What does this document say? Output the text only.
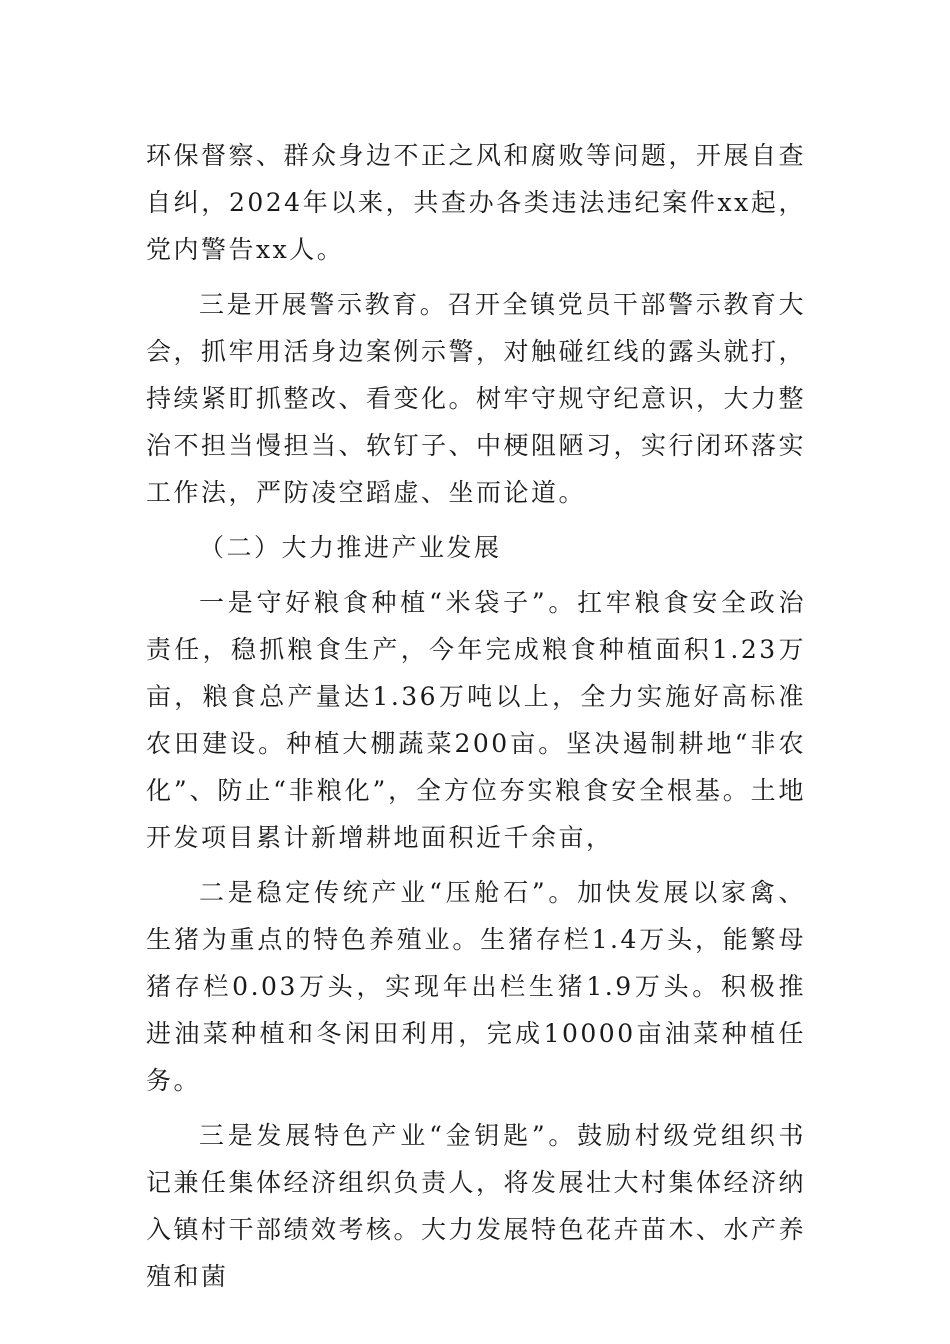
环保督察、群众身边不正之风和腐败等问题，开展自查自纠，2024年以来，共查办各类违法违纪案件xx起，党内警告xx人。

三是开展警示教育。召开全镇党员干部警示教育大会，抓牢用活身边案例示警，对触碰红线的露头就打，持续紧盯抓整改、看变化。树牢守规守纪意识，大力整治不担当慢担当、软钉子、中梗阻陋习，实行闭环落实工作法，严防凌空蹈虚、坐而论道。

（二）大力推进产业发展

一是守好粮食种植“米袋子”。扛牢粮食安全政治责任，稳抓粮食生产，今年完成粮食种植面积1.23万亩，粮食总产量达1.36万吨以上，全力实施好高标准农田建设。种植大棚蔬菜200亩。坚决遏制耕地“非农化”、防止“非粮化”，全方位夯实粮食安全根基。土地开发项目累计新增耕地面积近千余亩，

二是稳定传统产业“压舱石”。加快发展以家禽、生猪为重点的特色养殖业。生猪存栏1.4万头，能繁母猪存栏0.03万头，实现年出栏生猪1.9万头。积极推进油菜种植和冬闲田利用，完成10000亩油菜种植任务。

三是发展特色产业“金钥匙”。鼓励村级党组织书记兼任集体经济组织负责人，将发展壮大村集体经济纳入镇村干部绩效考核。大力发展特色花卉苗木、水产养殖和菌
